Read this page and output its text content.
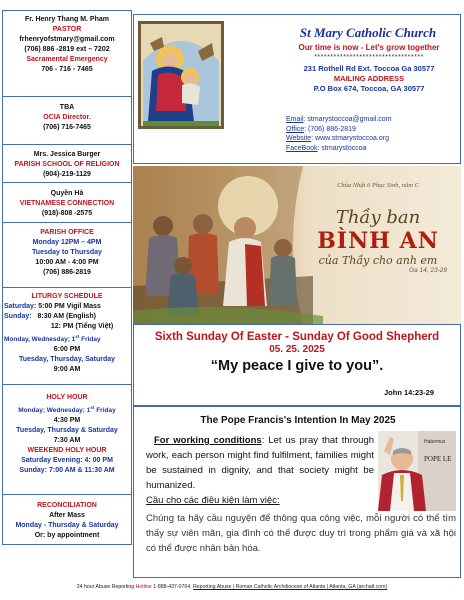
Fr. Henry Thang M. Pham
PASTOR
frhenryofstmary@gmail.com
(706) 886 -2819 ext – 7202
Sacramental Emergency
706 - 716 - 7465
TBA
OCIA Director.
(706) 716-7465
Mrs. Jessica Burger
PARISH SCHOOL OF RELIGION
(904)-219-1129
Quyền Hà
VIETNAMESE CONNECTION
(918)-808 -2575
PARISH OFFICE
Monday 12PM – 4PM
Tuesday to Thursday
10:00 AM - 4:00 PM
(706) 886-2819
LITURGY SCHEDULE
Saturday: 5:00 PM Vigil Mass
Sunday: 8:30 AM (English)
12: PM (Tiếng Việt)
Monday, Wednesday; 1st Friday
6:00 PM
Tuesday, Thursday, Saturday
9:00 AM
HOLY HOUR
Monday; Wednesday; 1st Friday
4:30 PM
Tuesday, Thursday & Saturday
7:30 AM
WEEKEND HOLY HOUR
Saturday Evening: 4: 00 PM
Sunday: 7:00 AM & 11:30 AM
RECONCILIATION
After Mass
Monday - Thursday & Saturday
Or: by appointment
St Mary Catholic Church
Our time is now - Let's grow together
**********************************
231 Rothell Rd Ext. Toccoa Ga 30577
MAILING ADDRESS
P.O Box 674, Toccoa, GA 30577
Email: stmarystoccoa@gmail.com
Office: (706) 886-2819
Website: www.stmarystoccoa.org
FaceBook: stmarystoccoa
Chúa Nhật 6 Phục Sinh, năm C
Thầy ban
BÌNH AN
của Thầy cho anh em
Ga 14, 23-29
Sixth Sunday Of Easter - Sunday Of Good Shepherd
05. 25. 2025
“My peace I give to you”.
John 14:23-29
The Pope Francis's Intention In May 2025
For working conditions: Let us pray that through work, each person might find fulfilment, families might be sustained in dignity, and that society might be humanized.
Cầu cho các điều kiện làm việc:
Chúng ta hãy cầu nguyện để thông qua công việc, mỗi người có thể tìm thấy sự viên mãn, gia đình có thể được duy trì trong phẩm giá và xã hội có thể được nhân bản hóa.
Habemus
POPE LE
24 hour Abuse Reporting Hotline 1-888-437-0764; Reporting Abuse | Roman Catholic Archdiocese of Atlanta | Atlanta, GA (archatl.com)
